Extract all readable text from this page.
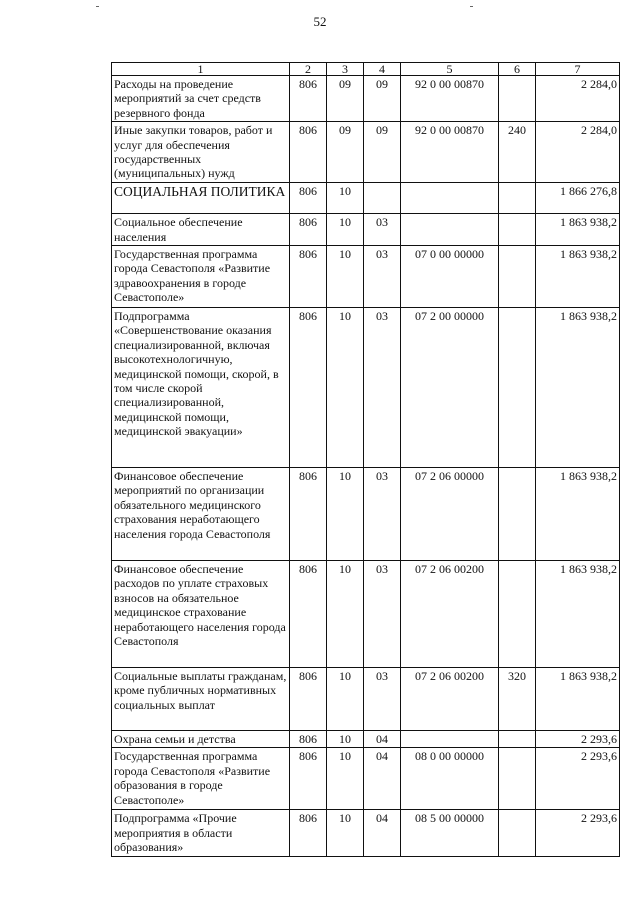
52
1	2	3	4	5	6	7
Расходы на проведение мероприятий за счет средств резервного фонда	806	09	09	92 0 00 00870		2 284,0
Иные закупки товаров, работ и услуг для обеспечения государственных (муниципальных) нужд	806	09	09	92 0 00 00870	240	2 284,0
СОЦИАЛЬНАЯ ПОЛИТИКА	806	10				1 866 276,8
Социальное обеспечение населения	806	10	03			1 863 938,2
Государственная программа города Севастополя «Развитие здравоохранения в городе Севастополе»	806	10	03	07 0 00 00000		1 863 938,2
Подпрограмма «Совершенствование оказания специализированной, включая высокотехнологичную, медицинской помощи, скорой, в том числе скорой специализированной, медицинской помощи, медицинской эвакуации»	806	10	03	07 2 00 00000		1 863 938,2
Финансовое обеспечение мероприятий по организации обязательного медицинского страхования неработающего населения города Севастополя	806	10	03	07 2 06 00000		1 863 938,2
Финансовое обеспечение расходов по уплате страховых взносов на обязательное медицинское страхование неработающего населения города Севастополя	806	10	03	07 2 06 00200		1 863 938,2
Социальные выплаты гражданам, кроме публичных нормативных социальных выплат	806	10	03	07 2 06 00200	320	1 863 938,2
Охрана семьи и детства	806	10	04			2 293,6
Государственная программа города Севастополя «Развитие образования в городе Севастополе»	806	10	04	08 0 00 00000		2 293,6
Подпрограмма «Прочие мероприятия в области образования»	806	10	04	08 5 00 00000		2 293,6
